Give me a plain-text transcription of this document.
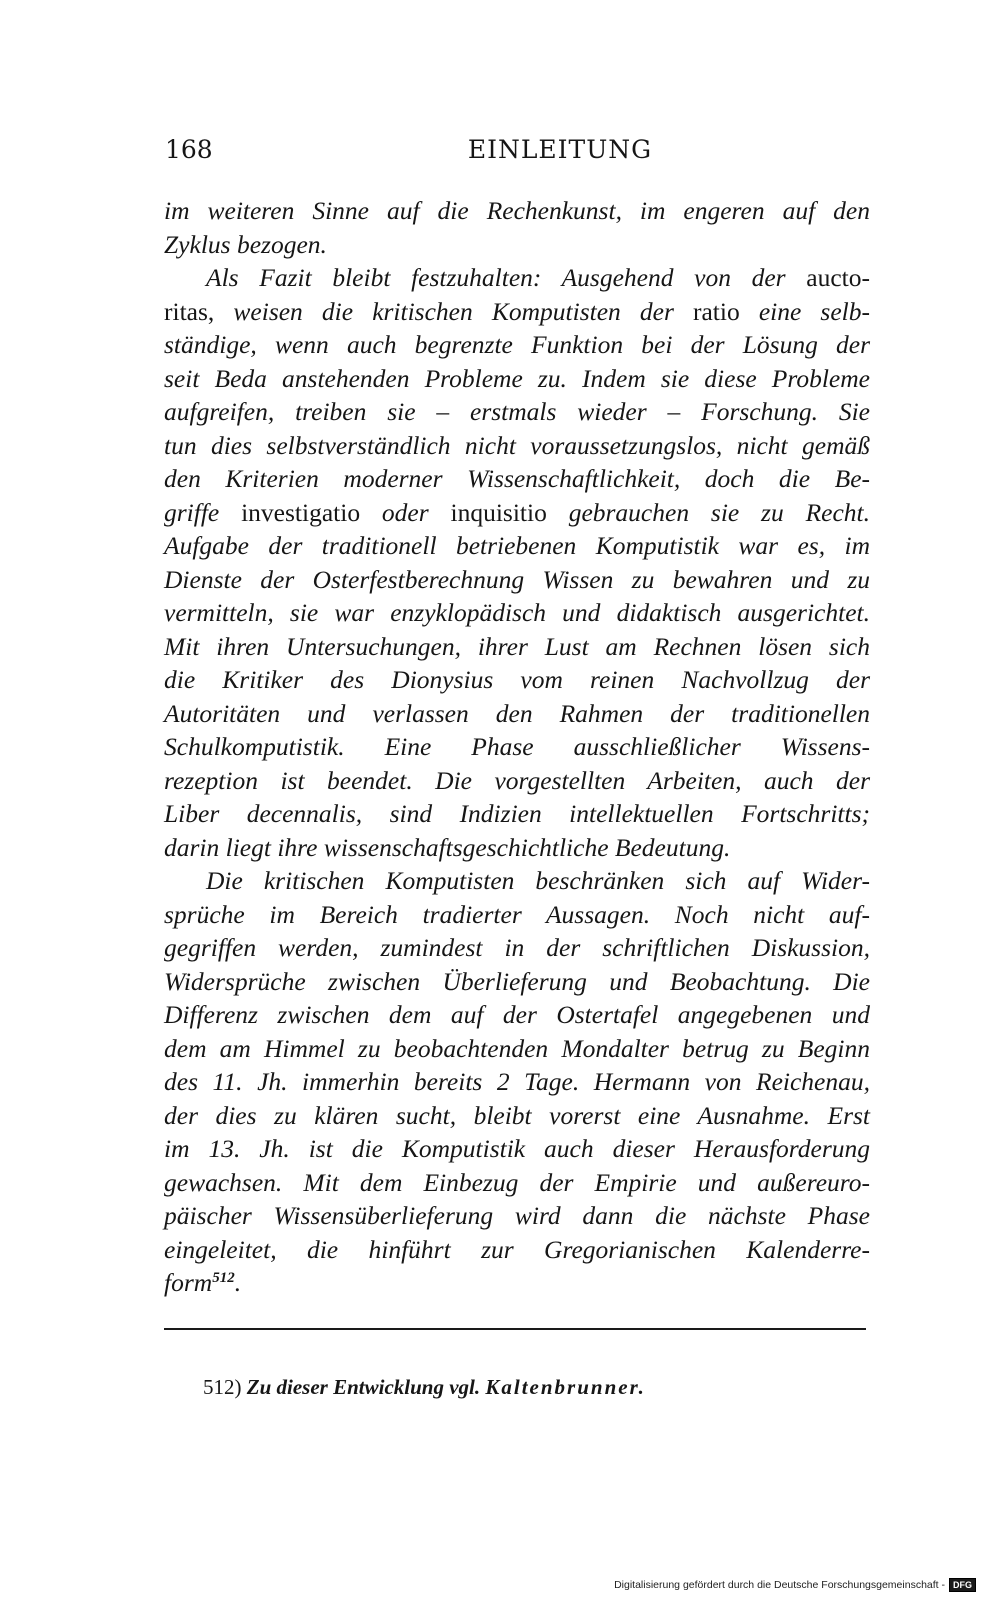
168	EINLEITUNG
im weiteren Sinne auf die Rechenkunst, im engeren auf den
Zyklus bezogen.
Als Fazit bleibt festzuhalten: Ausgehend von der aucto-
ritas, weisen die kritischen Komputisten der ratio eine selb-
ständige, wenn auch begrenzte Funktion bei der Lösung der
seit Beda anstehenden Probleme zu. Indem sie diese Probleme
aufgreifen, treiben sie – erstmals wieder – Forschung. Sie
tun dies selbstverständlich nicht voraussetzungslos, nicht gemäß
den Kriterien moderner Wissenschaftlichkeit, doch die Be-
griffe investigatio oder inquisitio gebrauchen sie zu Recht.
Aufgabe der traditionell betriebenen Komputistik war es, im
Dienste der Osterfestberechnung Wissen zu bewahren und zu
vermitteln, sie war enzyklopädisch und didaktisch ausgerichtet.
Mit ihren Untersuchungen, ihrer Lust am Rechnen lösen sich
die Kritiker des Dionysius vom reinen Nachvollzug der
Autoritäten und verlassen den Rahmen der traditionellen
Schulkomputistik. Eine Phase ausschließlicher Wissens-
rezeption ist beendet. Die vorgestellten Arbeiten, auch der
Liber decennalis, sind Indizien intellektuellen Fortschritts;
darin liegt ihre wissenschaftsgeschichtliche Bedeutung.
Die kritischen Komputisten beschränken sich auf Wider-
sprüche im Bereich tradierter Aussagen. Noch nicht auf-
gegriffen werden, zumindest in der schriftlichen Diskussion,
Widersprüche zwischen Überlieferung und Beobachtung. Die
Differenz zwischen dem auf der Ostertafel angegebenen und
dem am Himmel zu beobachtenden Mondalter betrug zu Beginn
des 11. Jh. immerhin bereits 2 Tage. Hermann von Reichenau,
der dies zu klären sucht, bleibt vorerst eine Ausnahme. Erst
im 13. Jh. ist die Komputistik auch dieser Herausforderung
gewachsen. Mit dem Einbezug der Empirie und außereuro-
päischer Wissensüberlieferung wird dann die nächste Phase
eingeleitet, die hinführt zur Gregorianischen Kalenderre-
form$^{512}$.
512) Zu dieser Entwicklung vgl. Kaltenbrunner.
Digitalisierung gefördert durch die Deutsche Forschungsgemeinschaft - DFG
